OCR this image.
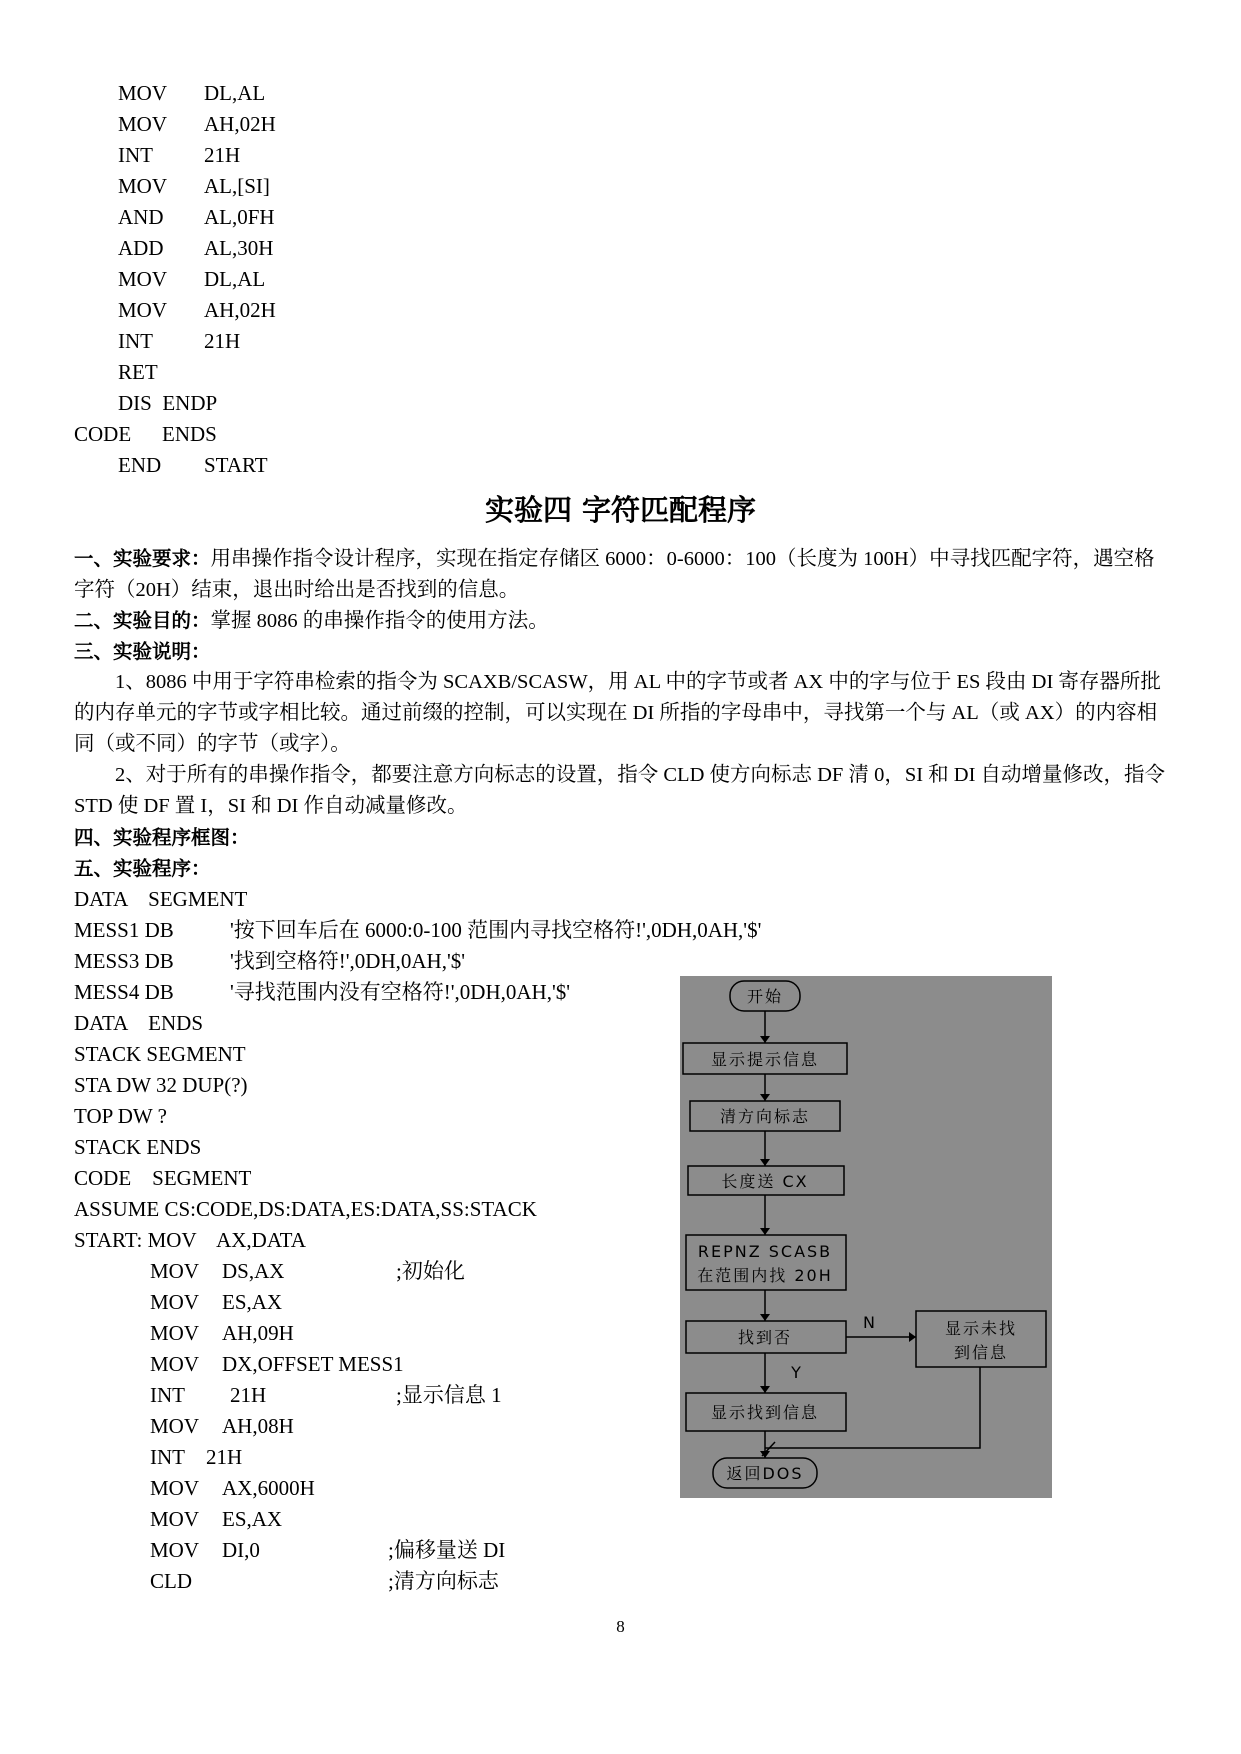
MOV DL,AL
MOV AH,02H
INT 21H
MOV AL,[SI]
AND AL,0FH
ADD AL,30H
MOV DL,AL
MOV AH,02H
INT 21H
RET
DIS  ENDP
CODE ENDS
END START
实验四 字符匹配程序
一、实验要求：用串操作指令设计程序，实现在指定存储区 6000：0-6000：100（长度为 100H）中寻找匹配字符，遇空格字符（20H）结束，退出时给出是否找到的信息。
二、实验目的：掌握 8086 的串操作指令的使用方法。
三、实验说明：
1、8086 中用于字符串检索的指令为 SCAXB/SCASW，用 AL 中的字节或者 AX 中的字与位于 ES 段由 DI 寄存器所批的内存单元的字节或字相比较。通过前缀的控制，可以实现在 DI 所指的字母串中，寻找第一个与 AL（或 AX）的内容相同（或不同）的字节（或字）。
2、对于所有的串操作指令，都要注意方向标志的设置，指令 CLD 使方向标志 DF 清 0，SI 和 DI 自动增量修改，指令 STD 使 DF 置 I，SI 和 DI 作自动减量修改。
四、实验程序框图：
五、实验程序：
DATA    SEGMENT
MESS1 DB	'按下回车后在 6000:0-100 范围内寻找空格符!',0DH,0AH,'$'
MESS3 DB	'找到空格符!',0DH,0AH,'$'
MESS4 DB	'寻找范围内没有空格符!',0DH,0AH,'$'
DATA    ENDS
STACK SEGMENT
STA DW 32 DUP(?)
TOP DW ?
STACK ENDS
CODE    SEGMENT
ASSUME CS:CODE,DS:DATA,ES:DATA,SS:STACK
START: MOV    AX,DATA
MOV DS,AX	;初始化
MOV ES,AX
MOV AH,09H
MOV DX,OFFSET MESS1
INT 21H	;显示信息 1
MOV AH,08H
INT 21H
MOV AX,6000H
MOV ES,AX
MOV DI,0	;偏移量送 DI
CLD	;清方向标志
开始
显示提示信息
清方向标志
长度送 CX
REPNZ SCASB
在范围内找 20H
找到否
N
Y
显示未找
到信息
显示找到信息
返回DOS
8
